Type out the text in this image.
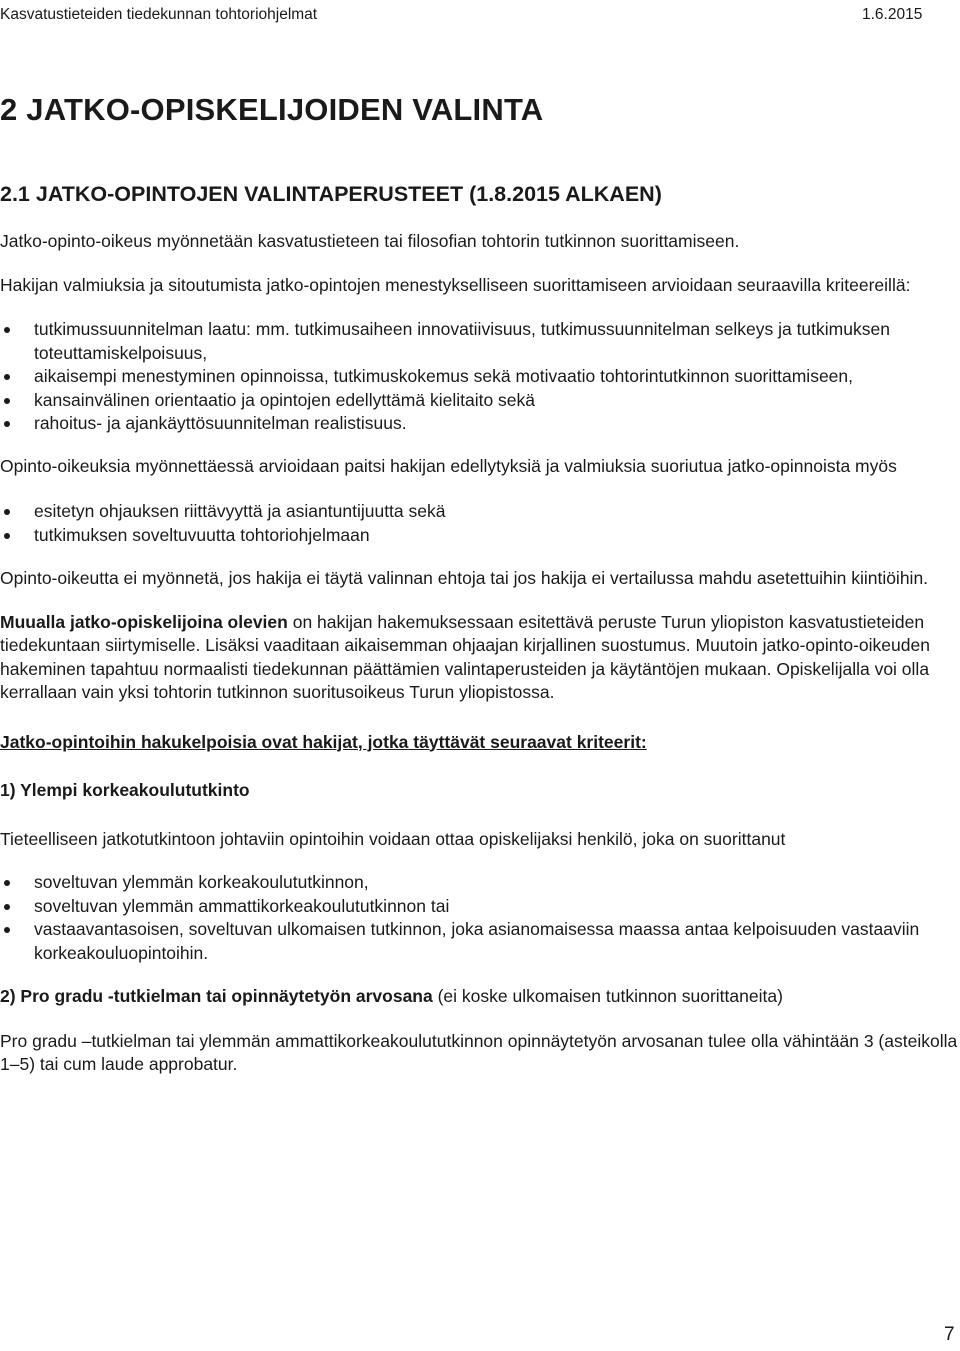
Kasvatustieteiden tiedekunnan tohtoriohjelmat	1.6.2015
2 JATKO-OPISKELIJOIDEN VALINTA
2.1 JATKO-OPINTOJEN VALINTAPERUSTEET (1.8.2015 ALKAEN)

Jatko-opinto-oikeus myönnetään kasvatustieteen tai filosofian tohtorin tutkinnon suorittamiseen.

Hakijan valmiuksia ja sitoutumista jatko-opintojen menestykselliseen suorittamiseen arvioidaan seuraavilla kriteereillä:

tutkimussuunnitelman laatu: mm. tutkimusaiheen innovatiivisuus, tutkimussuunnitelman selkeys ja tutkimuksen toteuttamiskelpoisuus,
aikaisempi menestyminen opinnoissa, tutkimuskokemus sekä motivaatio tohtorintutkinnon suorittamiseen,
kansainvälinen orientaatio ja opintojen edellyttämä kielitaito sekä
rahoitus- ja ajankäyttösuunnitelman realistisuus.

Opinto-oikeuksia myönnettäessä arvioidaan paitsi hakijan edellytyksiä ja valmiuksia suoriutua jatko-opinnoista myös

esitetyn ohjauksen riittävyyttä ja asiantuntijuutta sekä
tutkimuksen soveltuvuutta tohtoriohjelmaan

Opinto-oikeutta ei myönnetä, jos hakija ei täytä valinnan ehtoja tai jos hakija ei vertailussa mahdu asetettuihin kiintiöihin.

Muualla jatko-opiskelijoina olevien on hakijan hakemuksessaan esitettävä peruste Turun yliopiston kasvatustieteiden tiedekuntaan siirtymiselle. Lisäksi vaaditaan aikaisemman ohjaajan kirjallinen suostumus. Muutoin jatko-opinto-oikeuden hakeminen tapahtuu normaalisti tiedekunnan päättämien valintaperusteiden ja käytäntöjen mukaan. Opiskelijalla voi olla kerrallaan vain yksi tohtorin tutkinnon suoritusoikeus Turun yliopistossa.

Jatko-opintoihin hakukelpoisia ovat hakijat, jotka täyttävät seuraavat kriteerit:

1) Ylempi korkeakoulututkinto

Tieteelliseen jatkotutkintoon johtaviin opintoihin voidaan ottaa opiskelijaksi henkilö, joka on suorittanut

soveltuvan ylemmän korkeakoulututkinnon,
soveltuvan ylemmän ammattikorkeakoulututkinnon tai
vastaavantasoisen, soveltuvan ulkomaisen tutkinnon, joka asianomaisessa maassa antaa kelpoisuuden vastaaviin korkeakouluopintoihin.

2) Pro gradu -tutkielman tai opinnäytetyön arvosana (ei koske ulkomaisen tutkinnon suorittaneita)

Pro gradu –tutkielman tai ylemmän ammattikorkeakoulututkinnon opinnäytetyön arvosanan tulee olla vähintään 3 (asteikolla 1–5) tai cum laude approbatur.

7
